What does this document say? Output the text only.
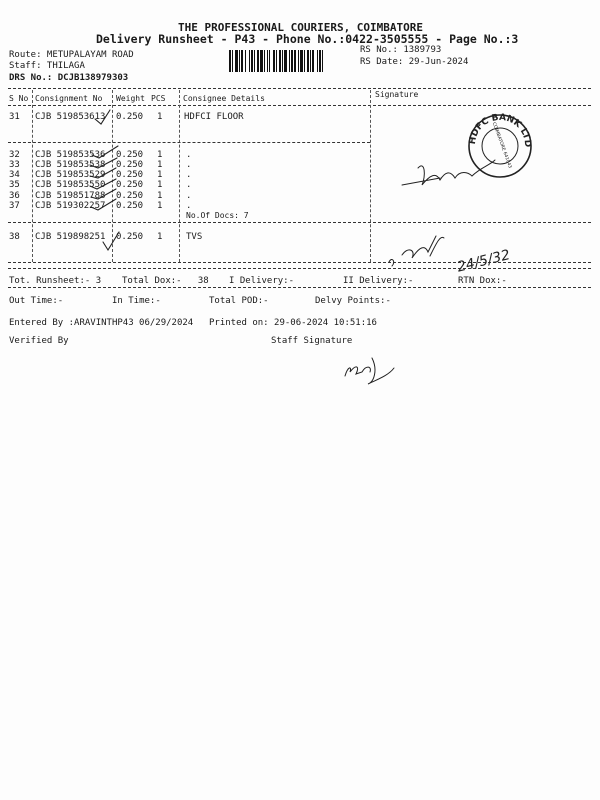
THE PROFESSIONAL COURIERS, COIMBATORE
Delivery Runsheet - P43 - Phone No.:0422-3505555 - Page No.:3
Route: METUPALAYAM ROAD
Staff: THILAGA
DRS No.: DCJB138979303
RS No.: 1389793
RS Date: 29-Jun-2024
S No Consignment No Weight PCS Consignee Details	Signature
31 CJB 519853613 0.250 1 HDFCI FLOOR
32 CJB 519853536 0.250 1	.
33 CJB 519853538 0.250 1	.
34 CJB 519853529 0.250 1	.
35 CJB 519853550 0.250 1	.
36 CJB 519851788 0.250 1	.
37 CJB 519302257 0.250 1	.
No.Of Docs: 7
38 CJB 519898251 0.250 1	TVS
Tot. Runsheet:- 3 Total Dox:-   38 I Delivery:-	II Delivery:-	RTN Dox:-
Out Time:-	In Time:-	Total POD:-	Delvy Points:-
Entered By :ARAVINTHP43 06/29/2024 Printed on: 29-06-2024 10:51:16
Verified By	Staff Signature
HDFC BANK LTD
COIMBATORE 641043
24/5/32
